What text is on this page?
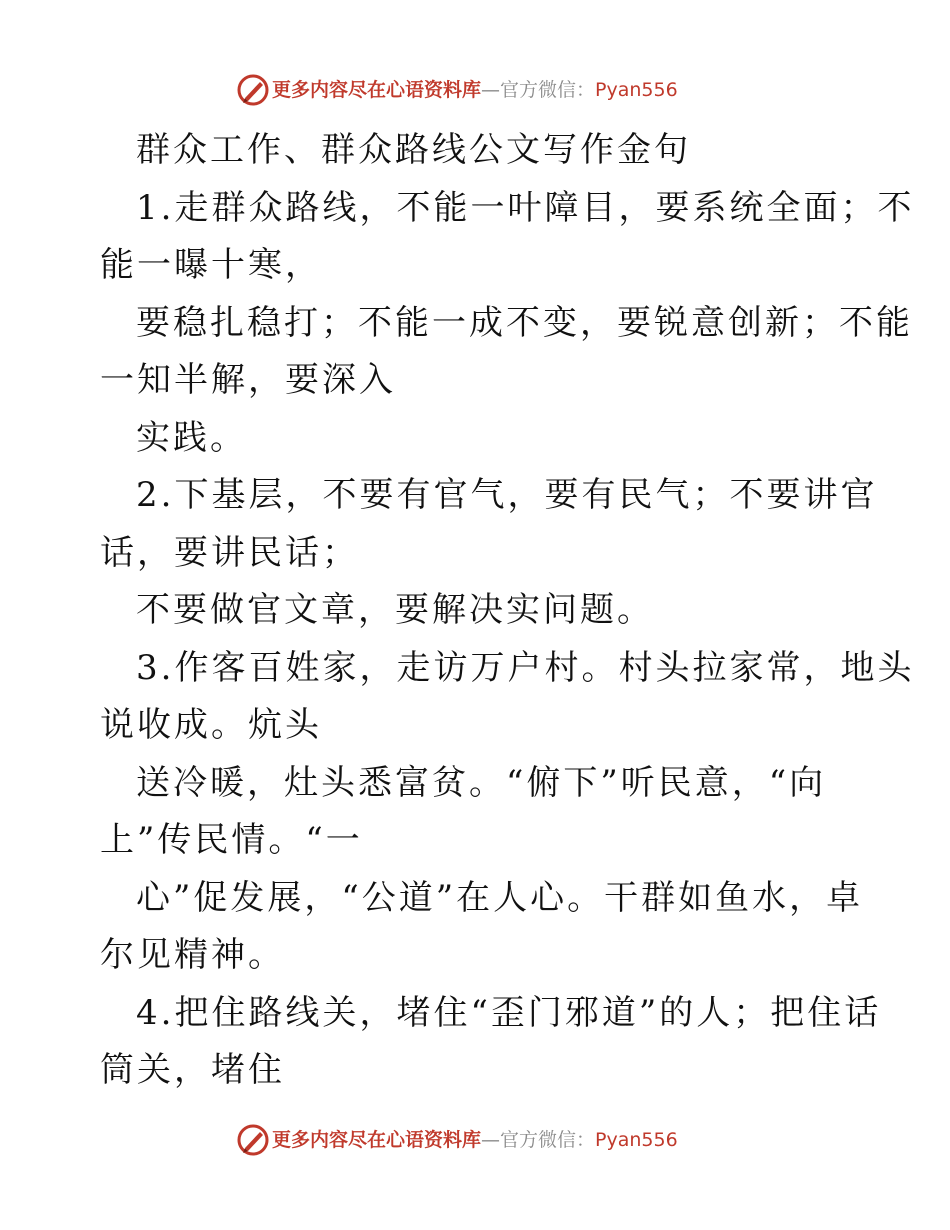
更多内容尽在心语资料库—官方微信：Pyan556

群众工作、群众路线公文写作金句

1.走群众路线，不能一叶障目，要系统全面；不

能一曝十寒，

要稳扎稳打；不能一成不变，要锐意创新；不能

一知半解，要深入

实践。

2.下基层，不要有官气，要有民气；不要讲官

话，要讲民话；

不要做官文章，要解决实问题。

3.作客百姓家，走访万户村。村头拉家常，地头

说收成。炕头

送冷暖，灶头悉富贫。“俯下”听民意，“向

上”传民情。“一

心”促发展，“公道”在人心。干群如鱼水，卓

尔见精神。

4.把住路线关，堵住“歪门邪道”的人；把住话

筒关，堵住

更多内容尽在心语资料库—官方微信：Pyan556
